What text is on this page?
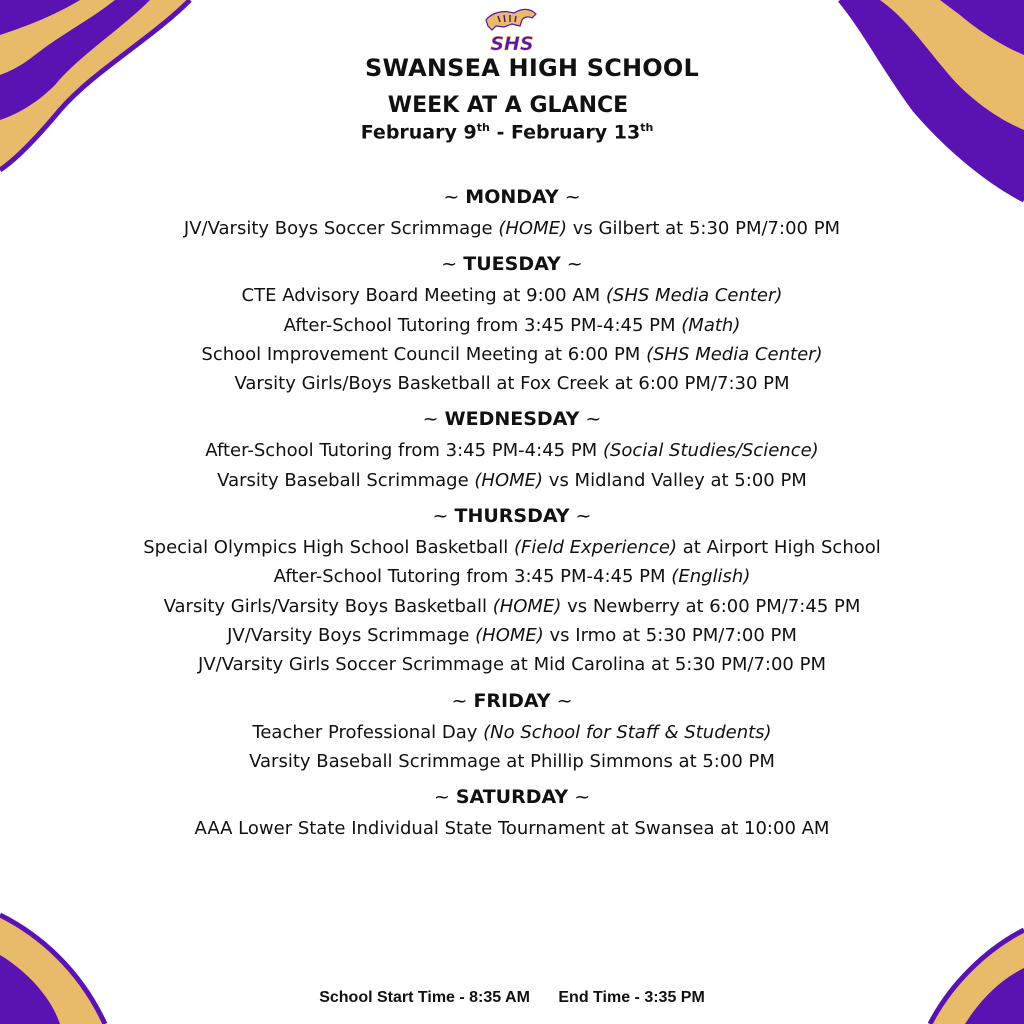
SHS
SWANSEA HIGH SCHOOL
WEEK AT A GLANCE
February 9th - February 13th
~ MONDAY ~
JV/Varsity Boys Soccer Scrimmage (HOME) vs Gilbert at 5:30 PM/7:00 PM
~ TUESDAY ~
CTE Advisory Board Meeting at 9:00 AM (SHS Media Center)
After-School Tutoring from 3:45 PM-4:45 PM (Math)
School Improvement Council Meeting at 6:00 PM (SHS Media Center)
Varsity Girls/Boys Basketball at Fox Creek at 6:00 PM/7:30 PM
~ WEDNESDAY ~
After-School Tutoring from 3:45 PM-4:45 PM (Social Studies/Science)
Varsity Baseball Scrimmage (HOME) vs Midland Valley at 5:00 PM
~ THURSDAY ~
Special Olympics High School Basketball (Field Experience) at Airport High School
After-School Tutoring from 3:45 PM-4:45 PM (English)
Varsity Girls/Varsity Boys Basketball (HOME) vs Newberry at 6:00 PM/7:45 PM
JV/Varsity Boys Scrimmage (HOME) vs Irmo at 5:30 PM/7:00 PM
JV/Varsity Girls Soccer Scrimmage at Mid Carolina at 5:30 PM/7:00 PM
~ FRIDAY ~
Teacher Professional Day (No School for Staff & Students)
Varsity Baseball Scrimmage at Phillip Simmons at 5:00 PM
~ SATURDAY ~
AAA Lower State Individual State Tournament at Swansea at 10:00 AM
School Start Time - 8:35 AM End Time - 3:35 PM
